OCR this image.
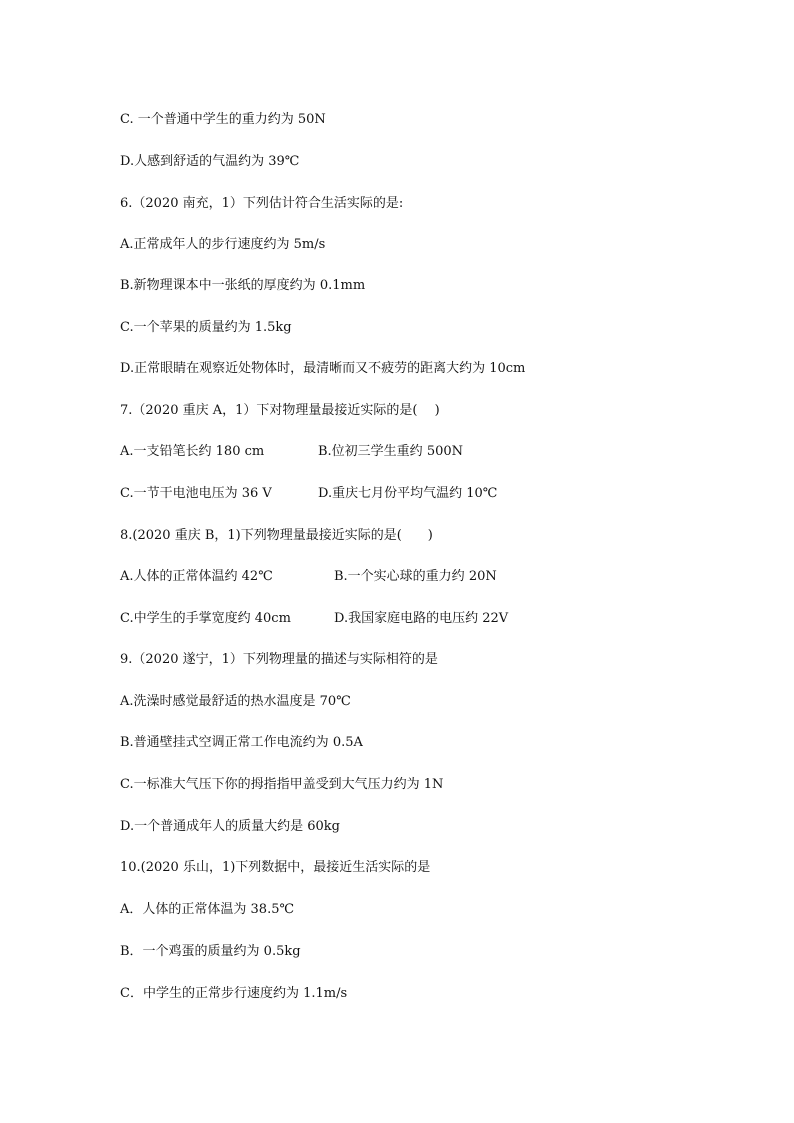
C. 一个普通中学生的重力约为 50N
D.人感到舒适的气温约为 39℃
6.（2020 南充，1）下列估计符合生活实际的是:
A.正常成年人的步行速度约为 5m/s
B.新物理课本中一张纸的厚度约为 0.1mm
C.一个苹果的质量约为 1.5kg
D.正常眼睛在观察近处物体时，最清晰而又不疲劳的距离大约为 10cm
7.（2020 重庆 A，1）下对物理量最接近实际的是(　 )
A.一支铅笔长约 180 cm	B.位初三学生重约 500N
C.一节干电池电压为 36 V	D.重庆七月份平均气温约 10℃
8.(2020 重庆 B，1)下列物理量最接近实际的是(　　)
A.人体的正常体温约 42℃	B.一个实心球的重力约 20N
C.中学生的手掌宽度约 40cm	D.我国家庭电路的电压约 22V
9.（2020 遂宁，1）下列物理量的描述与实际相符的是
A.洗澡时感觉最舒适的热水温度是 70℃
B.普通壁挂式空调正常工作电流约为 0.5A
C.一标准大气压下你的拇指指甲盖受到大气压力约为 1N
D.一个普通成年人的质量大约是 60kg
10.(2020 乐山，1)下列数据中，最接近生活实际的是
A．人体的正常体温为 38.5℃
B．一个鸡蛋的质量约为 0.5kg
C．中学生的正常步行速度约为 1.1m/s
